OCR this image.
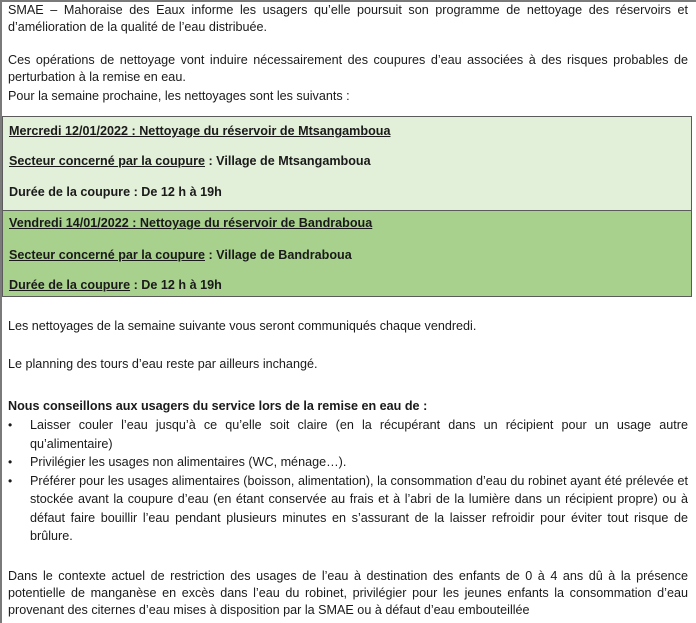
SMAE – Mahoraise des Eaux informe les usagers qu’elle poursuit son programme de nettoyage des réservoirs et d’amélioration de la qualité de l’eau distribuée.

Ces opérations de nettoyage vont induire nécessairement des coupures d’eau associées à des risques probables de perturbation à la remise en eau.

Pour la semaine prochaine, les nettoyages sont les suivants :

Mercredi 12/01/2022 : Nettoyage du réservoir de Mtsangamboua
Secteur concerné par la coupure : Village de Mtsangamboua
Durée de la coupure : De 12 h à 19h
Vendredi 14/01/2022 : Nettoyage du réservoir de Bandraboua
Secteur concerné par la coupure : Village de Bandraboua
Durée de la coupure : De 12 h à 19h

Les nettoyages de la semaine suivante vous seront communiqués chaque vendredi.

Le planning des tours d’eau reste par ailleurs inchangé.

Nous conseillons aux usagers du service lors de la remise en eau de :

• Laisser couler l’eau jusqu’à ce qu’elle soit claire (en la récupérant dans un récipient pour un usage autre qu’alimentaire)
• Privilégier les usages non alimentaires (WC, ménage…).
• Préférer pour les usages alimentaires (boisson, alimentation), la consommation d’eau du robinet ayant été prélevée et stockée avant la coupure d’eau (en étant conservée au frais et à l’abri de la lumière dans un récipient propre) ou à défaut faire bouillir l’eau pendant plusieurs minutes en s’assurant de la laisser refroidir pour éviter tout risque de brûlure.

Dans le contexte actuel de restriction des usages de l’eau à destination des enfants de 0 à 4 ans dû à la présence potentielle de manganèse en excès dans l’eau du robinet, privilégier pour les jeunes enfants la consommation d’eau provenant des citernes d’eau mises à disposition par la SMAE ou à défaut d’eau embouteillée
